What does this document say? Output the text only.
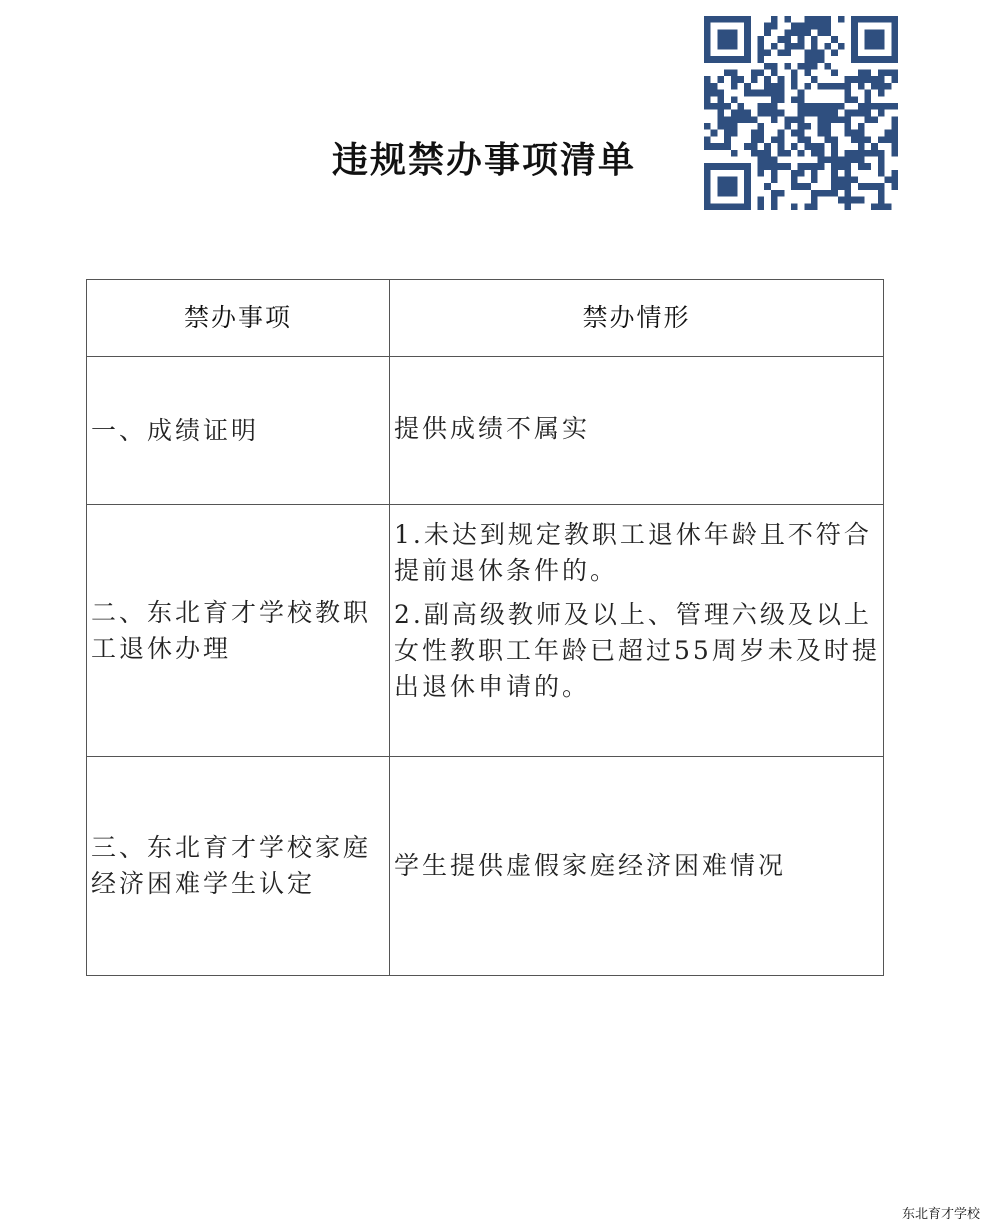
违规禁办事项清单
禁办事项	禁办情形
一、成绩证明	提供成绩不属实

二、东北育才学校教职工退休办理	1.未达到规定教职工退休年龄且不符合提前退休条件的。
2.副高级教师及以上、管理六级及以上女性教职工年龄已超过55周岁未及时提出退休申请的。

三、东北育才学校家庭经济困难学生认定	学生提供虚假家庭经济困难情况
东北育才学校
